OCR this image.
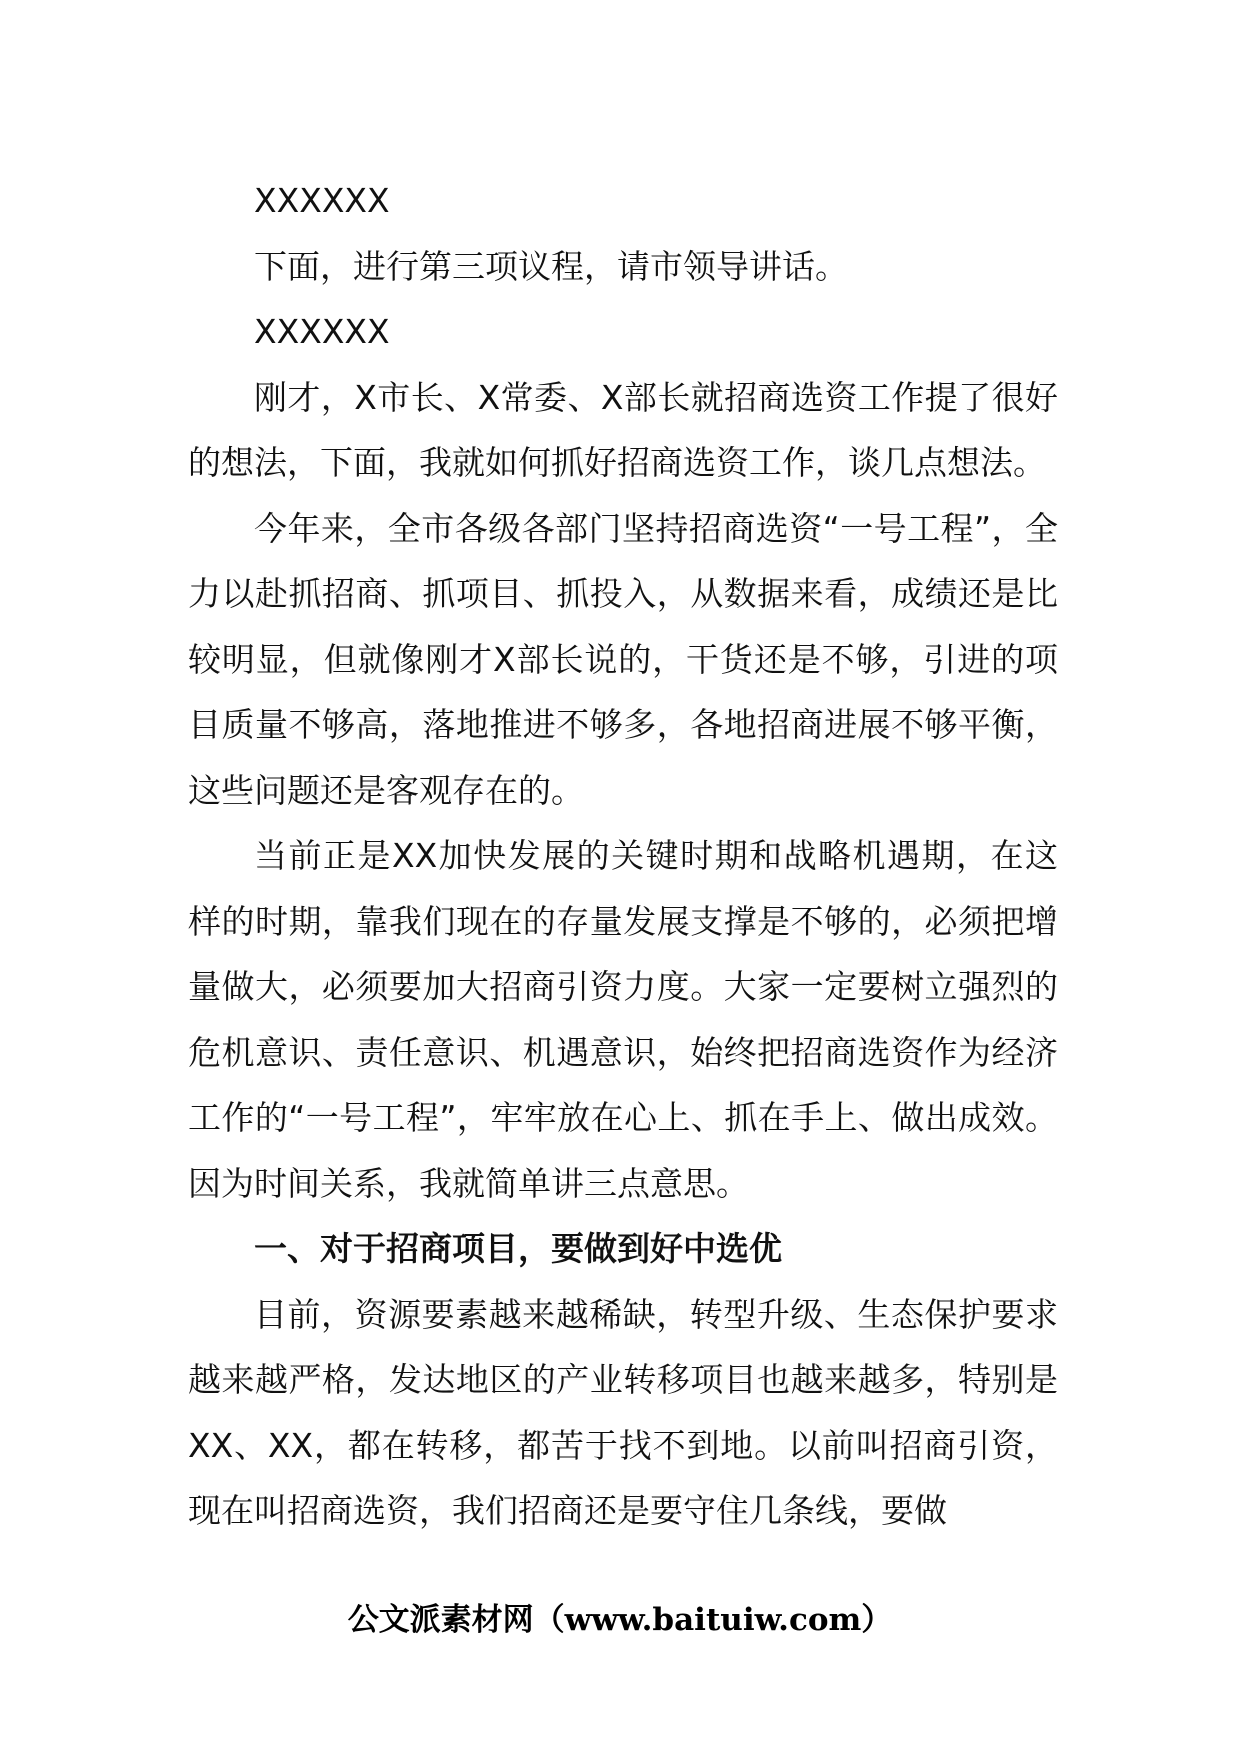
XXXXXX

下面，进行第三项议程，请市领导讲话。

XXXXXX

刚才，X市长、X常委、X部长就招商选资工作提了很好的想法，下面，我就如何抓好招商选资工作，谈几点想法。

今年来，全市各级各部门坚持招商选资“一号工程”，全力以赴抓招商、抓项目、抓投入，从数据来看，成绩还是比较明显，但就像刚才X部长说的，干货还是不够，引进的项目质量不够高，落地推进不够多，各地招商进展不够平衡，这些问题还是客观存在的。

当前正是XX加快发展的关键时期和战略机遇期，在这样的时期，靠我们现在的存量发展支撑是不够的，必须把增量做大，必须要加大招商引资力度。大家一定要树立强烈的危机意识、责任意识、机遇意识，始终把招商选资作为经济工作的“一号工程”，牢牢放在心上、抓在手上、做出成效。因为时间关系，我就简单讲三点意思。

一、对于招商项目，要做到好中选优

目前，资源要素越来越稀缺，转型升级、生态保护要求越来越严格，发达地区的产业转移项目也越来越多，特别是XX、XX，都在转移，都苦于找不到地。以前叫招商引资，现在叫招商选资，我们招商还是要守住几条线，要做

公文派素材网（www.baituiw.com）
